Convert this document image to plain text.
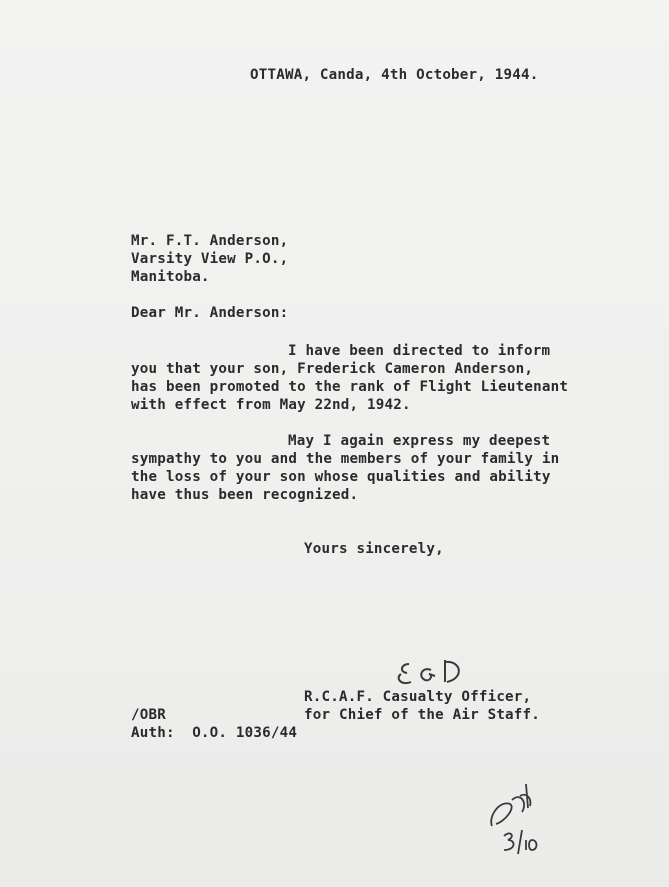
OTTAWA, Canda, 4th October, 1944.
Mr. F.T. Anderson,
Varsity View P.O.,
Manitoba.
Dear Mr. Anderson:
I have been directed to inform
you that your son, Frederick Cameron Anderson,
has been promoted to the rank of Flight Lieutenant
with effect from May 22nd, 1942.
May I again express my deepest
sympathy to you and the members of your family in
the loss of your son whose qualities and ability
have thus been recognized.
Yours sincerely,
R.C.A.F. Casualty Officer,
for Chief of the Air Staff.
/OBR
Auth:  O.O. 1036/44
